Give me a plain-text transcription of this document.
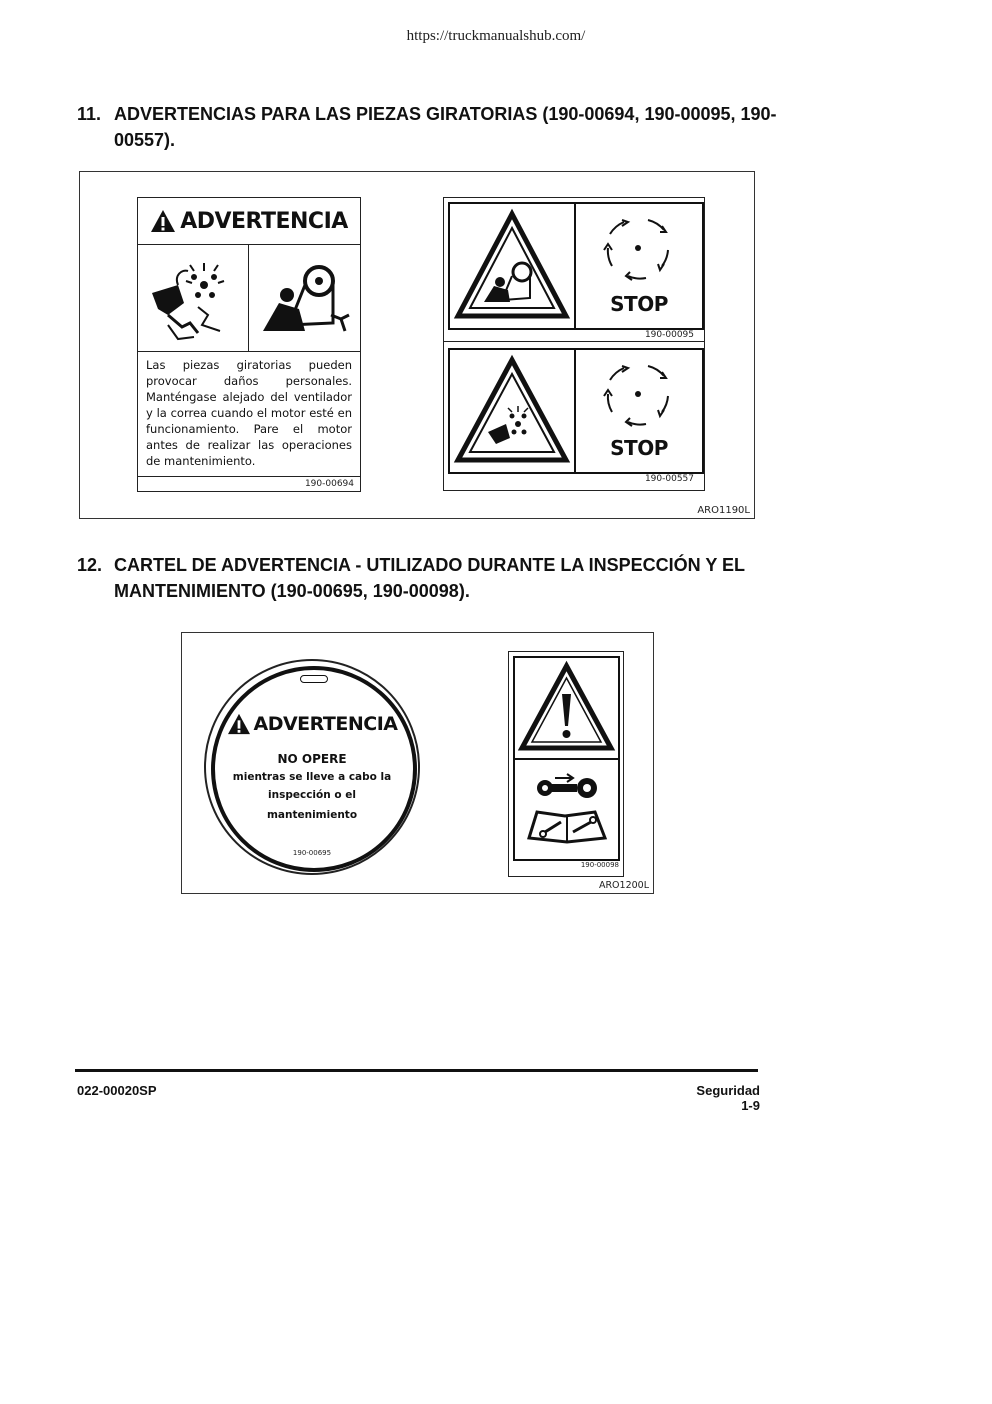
https://truckmanualshub.com/
11. ADVERTENCIAS PARA LAS PIEZAS GIRATORIAS (190-00694, 190-00095, 190-00557).
ADVERTENCIA
Las piezas giratorias pueden provocar daños personales. Manténgase alejado del ventilador y la correa cuando el motor esté en funcionamiento. Pare el motor antes de realizar las operaciones de mantenimiento.
190-00694
STOP
190-00095
STOP
190-00557
ARO1190L
12. CARTEL DE ADVERTENCIA - UTILIZADO DURANTE LA INSPECCIÓN Y EL MANTENIMIENTO (190-00695, 190-00098).
ADVERTENCIA
NO OPERE
mientras se lleve a cabo la
inspección o el
mantenimiento
190-00695
190-00098
ARO1200L
022-00020SP	Seguridad
1-9
